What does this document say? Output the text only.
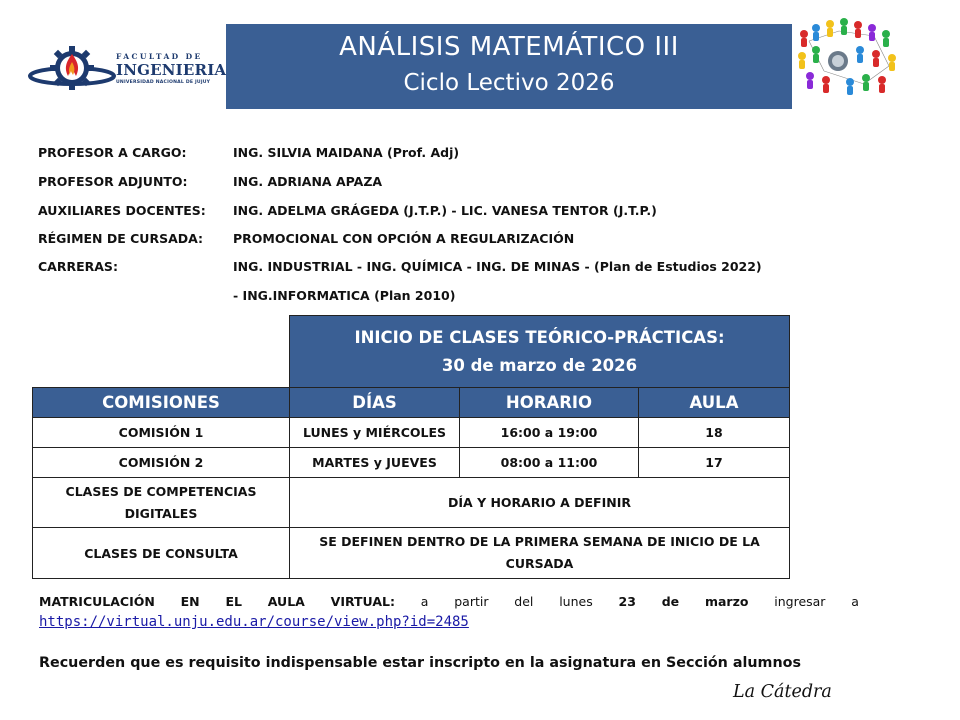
FACULTAD DE
INGENIERIA
UNIVERSIDAD NACIONAL DE JUJUY
ANÁLISIS MATEMÁTICO III
Ciclo Lectivo 2026
PROFESOR A CARGO:	ING. SILVIA MAIDANA (Prof. Adj)
PROFESOR ADJUNTO:	ING. ADRIANA APAZA
AUXILIARES DOCENTES: ING. ADELMA GRÁGEDA (J.T.P.) - LIC. VANESA TENTOR (J.T.P.)
RÉGIMEN DE CURSADA: PROMOCIONAL CON OPCIÓN A REGULARIZACIÓN
CARRERAS:	ING. INDUSTRIAL - ING. QUÍMICA - ING. DE MINAS - (Plan de Estudios 2022)
- ING.INFORMATICA (Plan 2010)

	INICIO DE CLASES TEÓRICO-PRÁCTICAS:
30 de marzo de 2026		

COMISIONES	DÍAS	HORARIO	AULA
COMISIÓN 1	LUNES y MIÉRCOLES	16:00 a 19:00	18
COMISIÓN 2	MARTES y JUEVES	08:00 a 11:00	17
CLASES DE COMPETENCIAS DIGITALES	DÍA Y HORARIO A DEFINIR		
CLASES DE CONSULTA	SE DEFINEN DENTRO DE LA PRIMERA SEMANA DE INICIO DE LA CURSADA		
MATRICULACIÓN EN EL AULA VIRTUAL: a partir del lunes 23 de marzo ingresar a
https://virtual.unju.edu.ar/course/view.php?id=2485
Recuerden que es requisito indispensable estar inscripto en la asignatura en Sección alumnos
La Cátedra
